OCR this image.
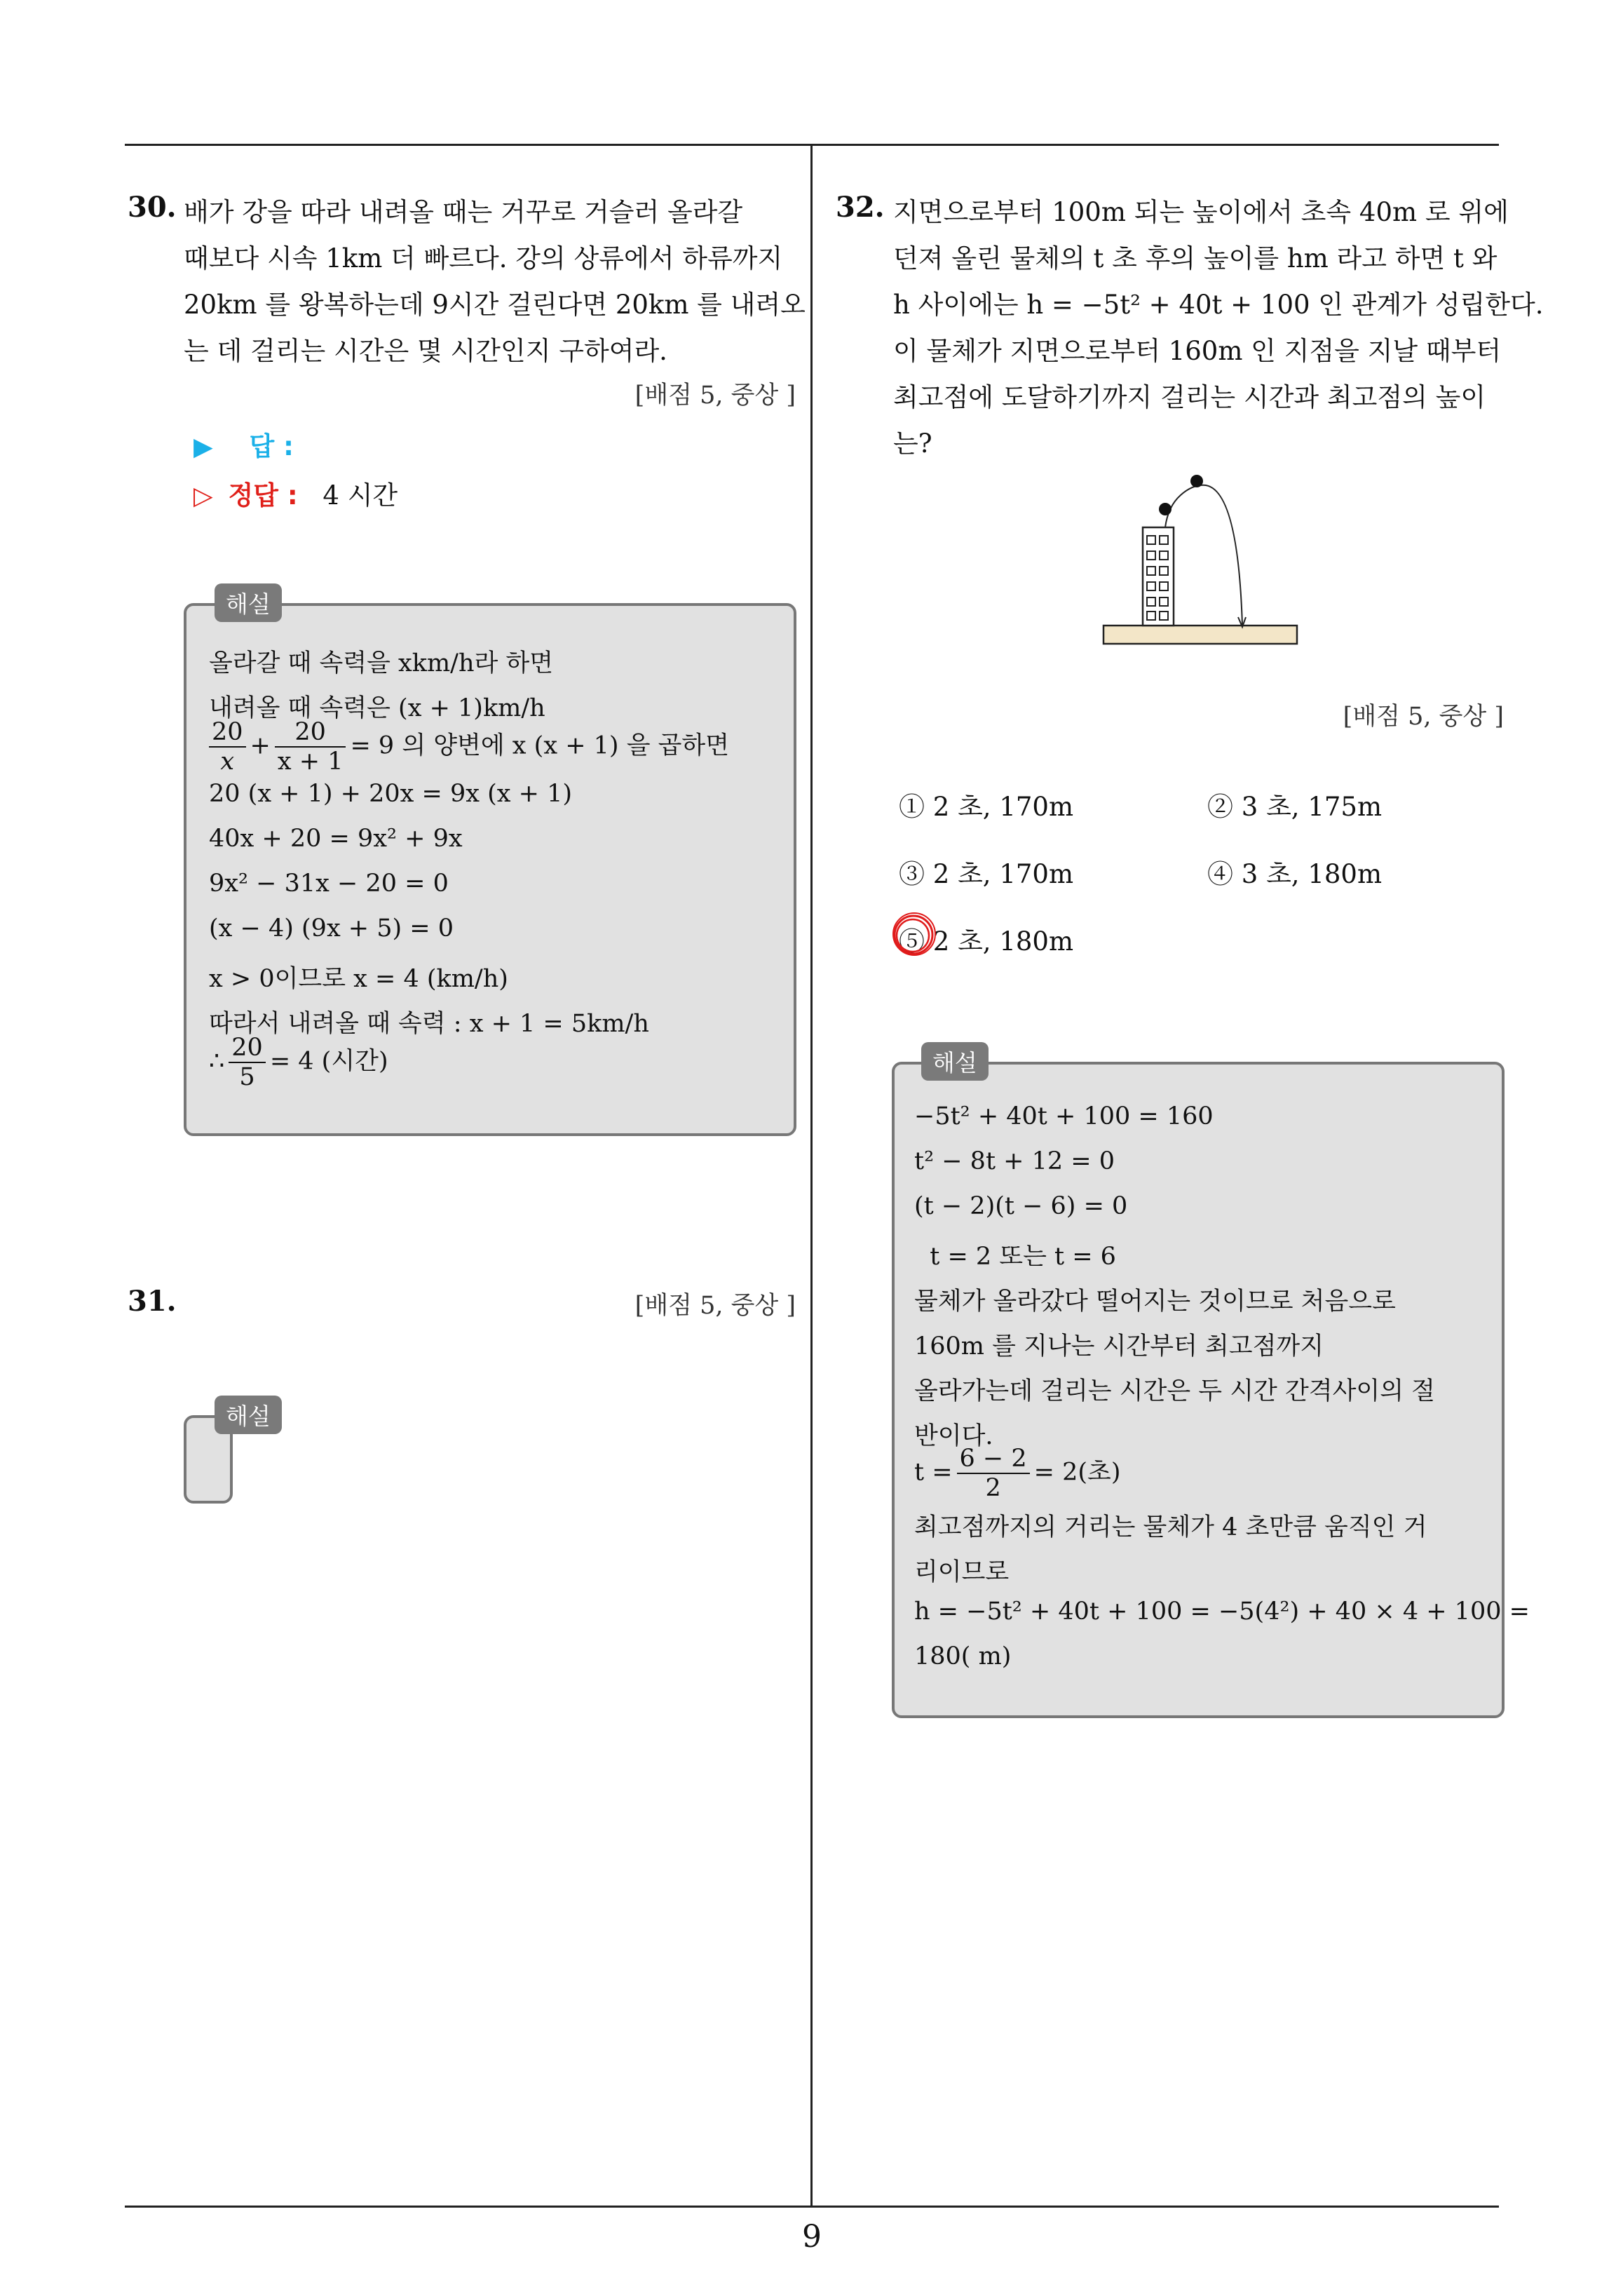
30. 배가 강을 따라 내려올 때는 거꾸로 거슬러 올라갈
때보다 시속 1km 더 빠르다. 강의 상류에서 하류까지
20km 를 왕복하는데 9시간 걸린다면 20km 를 내려오
는 데 걸리는 시간은 몇 시간인지 구하여라.
[배점 5, 중상 ]
▶ 답 :
▷ 정답 : 4 시간
해설
올라갈 때 속력을 xkm/h라 하면
내려올 때 속력은 (x + 1)km/h
$\frac{20}{x} + \frac{20}{x + 1} = 9$ 의 양변에 x (x + 1) 을 곱하면
20 (x + 1) + 20x = 9x (x + 1)
40x + 20 = 9x² + 9x
9x² − 31x − 20 = 0
(x − 4) (9x + 5) = 0
x > 0이므로 x = 4 (km/h)
따라서 내려올 때 속력 : x + 1 = 5km/h
∴ $\frac{20}{5} = 4$ (시간)
31.	[배점 5, 중상 ]
해설
32. 지면으로부터 100m 되는 높이에서 초속 40m 로 위에
던져 올린 물체의 t 초 후의 높이를 hm 라고 하면 t 와
h 사이에는 h = −5t² + 40t + 100 인 관계가 성립한다.
이 물체가 지면으로부터 160m 인 지점을 지날 때부터
최고점에 도달하기까지 걸리는 시간과 최고점의 높이
는?
[배점 5, 중상 ]
① 2 초, 170m	② 3 초, 175m
③ 2 초, 170m	④ 3 초, 180m
⑤ 2 초, 180m
해설
−5t² + 40t + 100 = 160
t² − 8t + 12 = 0
(t − 2)(t − 6) = 0
t = 2 또는 t = 6
물체가 올라갔다 떨어지는 것이므로 처음으로
160m 를 지나는 시간부터 최고점까지
올라가는데 걸리는 시간은 두 시간 간격사이의 절
반이다.
$t = \frac{6 - 2}{2} = 2$(초)
최고점까지의 거리는 물체가 4 초만큼 움직인 거
리이므로
h = −5t² + 40t + 100 = −5(4²) + 40 × 4 + 100 =
180( m)
9
